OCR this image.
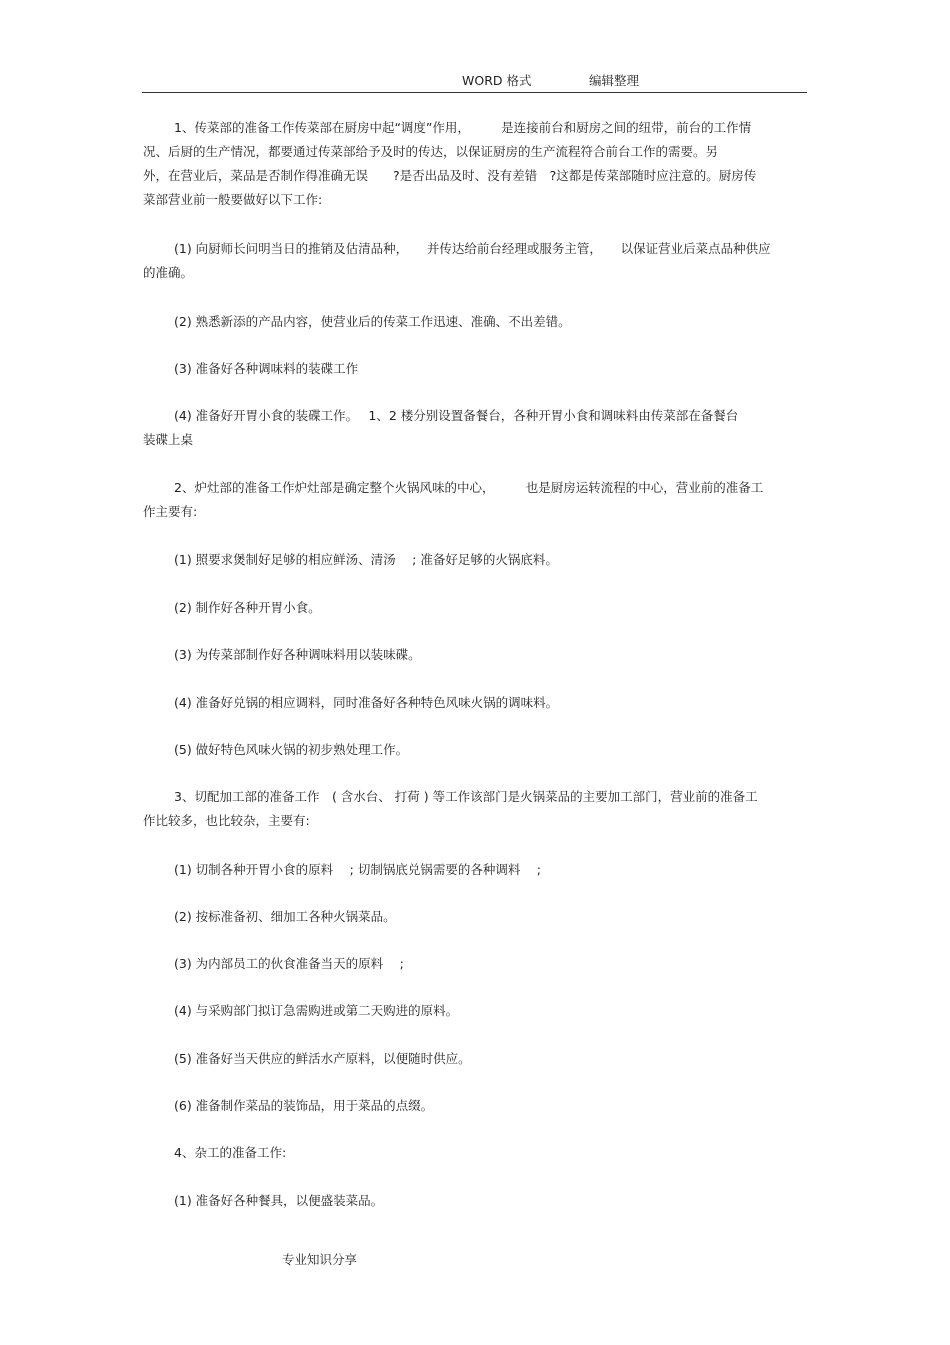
WORD 格式	编辑整理
1、传菜部的准备工作传菜部在厨房中起“调度”作用，　　　是连接前台和厨房之间的纽带，前台的工作情
况、后厨的生产情况，都要通过传菜部给予及时的传达，以保证厨房的生产流程符合前台工作的需要。另
外，在营业后，菜品是否制作得准确无误　　?是否出品及时、没有差错　?这都是传菜部随时应注意的。厨房传
菜部营业前一般要做好以下工作:
(1) 向厨师长问明当日的推销及估清品种，　　并传达给前台经理或服务主管，　　以保证营业后菜点品种供应
的准确。
(2) 熟悉新添的产品内容，使营业后的传菜工作迅速、准确、不出差错。
(3) 准备好各种调味料的装碟工作
(4) 准备好开胃小食的装碟工作。　 1、2 楼分别设置备餐台，各种开胃小食和调味料由传菜部在备餐台
装碟上桌
2、炉灶部的准备工作炉灶部是确定整个火锅风味的中心，　　　也是厨房运转流程的中心，营业前的准备工
作主要有:
(1) 照要求煲制好足够的相应鲜汤、清汤　 ; 准备好足够的火锅底料。
(2) 制作好各种开胃小食。
(3) 为传菜部制作好各种调味料用以装味碟。
(4) 准备好兑锅的相应调料，同时准备好各种特色风味火锅的调味料。
(5) 做好特色风味火锅的初步熟处理工作。
3、切配加工部的准备工作　( 含水台、 打荷 ) 等工作该部门是火锅菜品的主要加工部门，营业前的准备工
作比较多，也比较杂，主要有:
(1) 切制各种开胃小食的原料　 ; 切制锅底兑锅需要的各种调料　 ;
(2) 按标准备初、细加工各种火锅菜品。
(3) 为内部员工的伙食准备当天的原料　 ;
(4) 与采购部门拟订急需购进或第二天购进的原料。
(5) 准备好当天供应的鲜活水产原料，以便随时供应。
(6) 准备制作菜品的装饰品，用于菜品的点缀。
4、杂工的准备工作:
(1) 准备好各种餐具，以便盛装菜品。
专业知识分享
